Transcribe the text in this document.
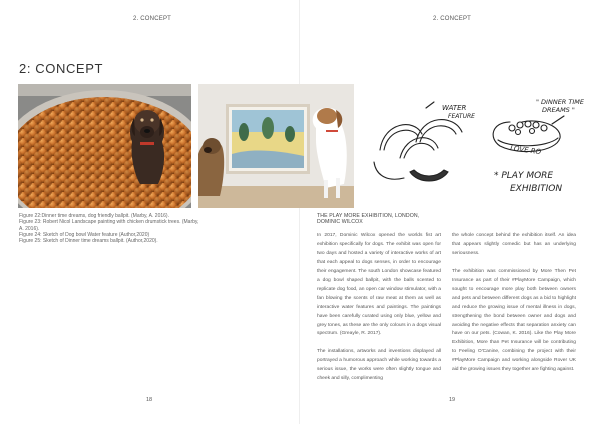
2. CONCEPT	2. CONCEPT
2: CONCEPT
WATER
FEATURE
" DINNER TIME
DREAMS "
LOVE RO
* PLAY MORE
EXHIBITION

Figure 22:Dinner time dreams, dog friendly ballpit. (Marby, A. 2016).

Figure 23: Robert Nicol Landscape painting with chicken drumstick trees. (Marby, A. 2016).

Figure 24: Sketch of Dog bowl Water feature (Author,2020)

Figure 25: Sketch of Dinner time dreams ballpit. (Author,2020).

THE PLAY MORE EXHIBITION, LONDON,
DOMINIC WILCOX

In 2017, Dominic Wilcox opened the worlds fist art exhibition specifically for dogs. The exhibit was open for two days and hosted a variety of interactive works of art that each appeal to dogs senses, in order to encourage their engagement. The south London showcase featured a dog bowl shaped ballpit, with the balls scented to replicate dog food, an open car window stimulator, with a fan blowing the scents of raw meat at them as well as interactive water features and paintings. The paintings have been carefully curated using only blue, yellow and grey tones, as these are the only colours in a dogs visual spectrum. (Greayle, R. 2017).

The installations, artworks and inventions displayed all portrayed a humorous approach while working towards a serious issue, the works were often slightly tongue and cheek and silly, complimenting

the whole concept behind the exhibition itself. An idea that appears slightly comedic but has an underlying seriousness.

The exhibition was commissioned by More Then Pet Insurance as part of their #PlayMore Campaign, which sought to encourage more play both between owners and pets and between different dogs as a bid to highlight and reduce the growing issue of mental illness in dogs, strengthening the bond between owner and dogs and avoiding the negative effects that separation anxiety can have on our pets. (Cowan, K. 2016). Like the Play More Exhibition, More than Pet Insurance will be contributing to Feeling O'Canine, combining the project with their #PlayMore Campaign and working alongside Rover UK aid the growing issues they together are fighting against.

18	19
